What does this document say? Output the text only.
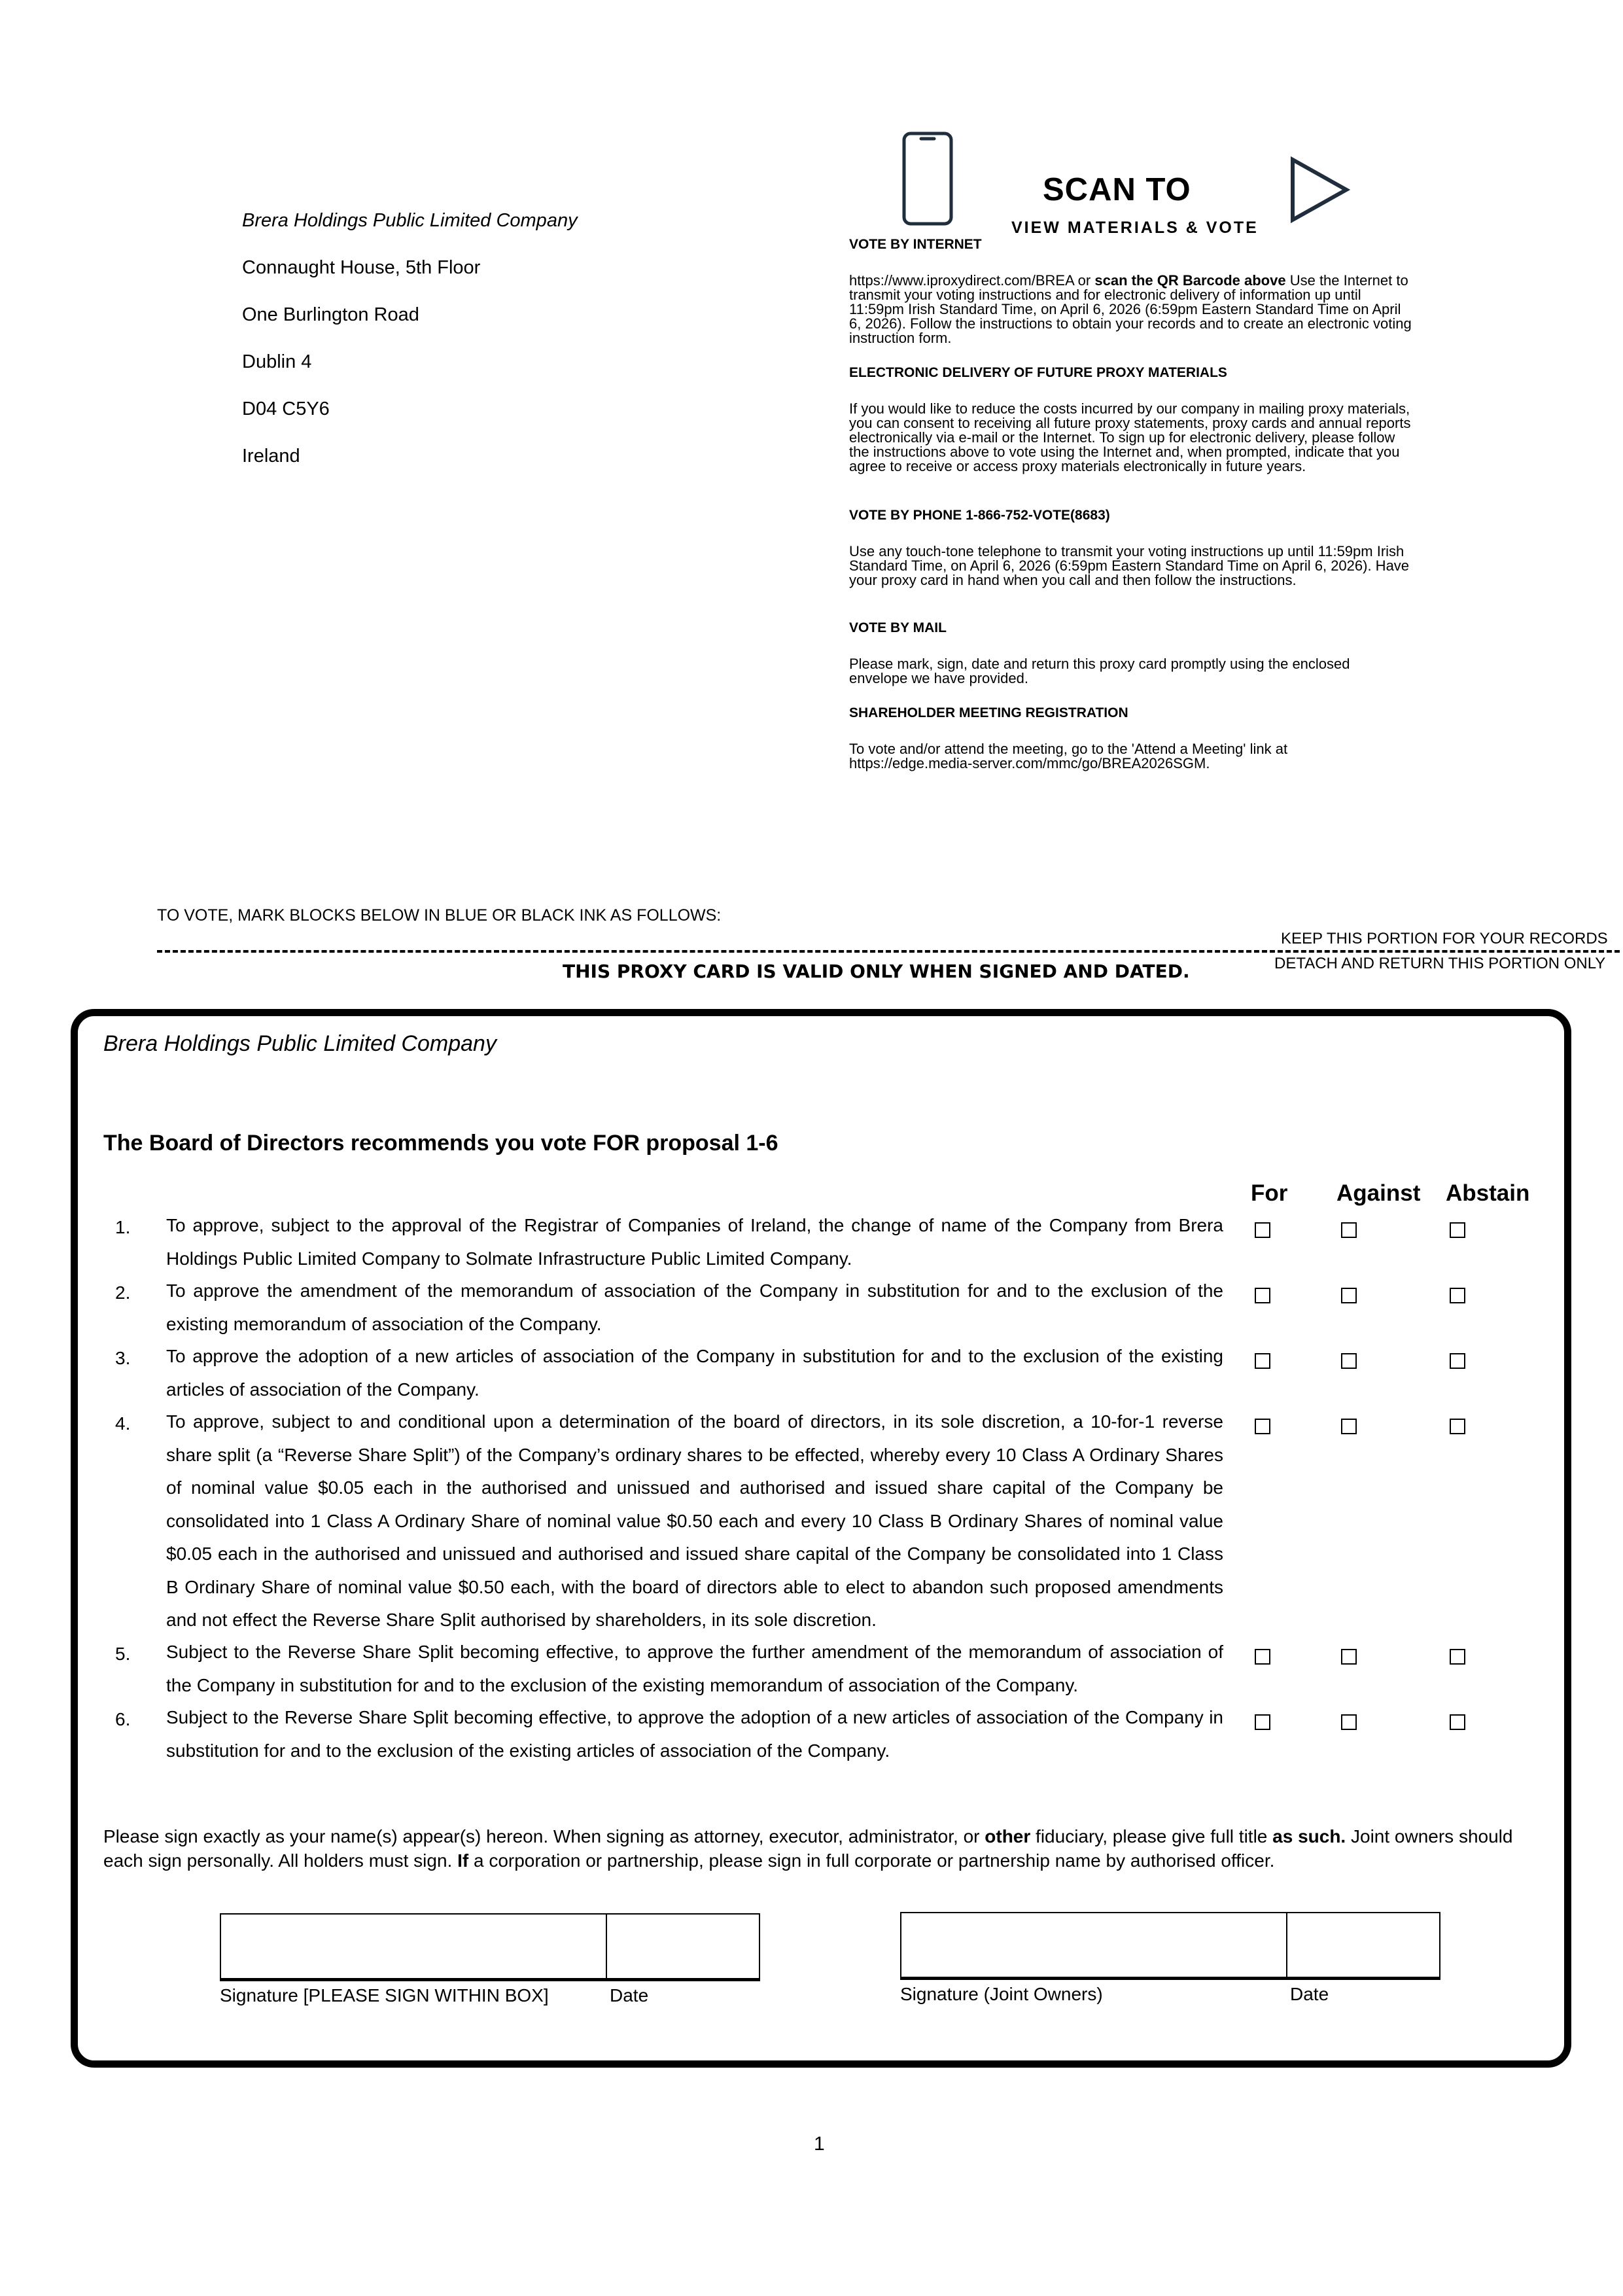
Brera Holdings Public Limited Company
Connaught House, 5th Floor
One Burlington Road
Dublin 4
D04 C5Y6
Ireland
SCAN TO
VIEW MATERIALS & VOTE
VOTE BY INTERNET
https://www.iproxydirect.com/BREA or scan the QR Barcode above Use the Internet to transmit your voting instructions and for electronic delivery of information up until 11:59pm Irish Standard Time, on April 6, 2026 (6:59pm Eastern Standard Time on April 6, 2026). Follow the instructions to obtain your records and to create an electronic voting instruction form.
ELECTRONIC DELIVERY OF FUTURE PROXY MATERIALS
If you would like to reduce the costs incurred by our company in mailing proxy materials, you can consent to receiving all future proxy statements, proxy cards and annual reports electronically via e-mail or the Internet. To sign up for electronic delivery, please follow the instructions above to vote using the Internet and, when prompted, indicate that you agree to receive or access proxy materials electronically in future years.
VOTE BY PHONE 1-866-752-VOTE(8683)
Use any touch-tone telephone to transmit your voting instructions up until 11:59pm Irish Standard Time, on April 6, 2026 (6:59pm Eastern Standard Time on April 6, 2026). Have your proxy card in hand when you call and then follow the instructions.
VOTE BY MAIL
Please mark, sign, date and return this proxy card promptly using the enclosed envelope we have provided.
SHAREHOLDER MEETING REGISTRATION
To vote and/or attend the meeting, go to the 'Attend a Meeting' link at https://edge.media-server.com/mmc/go/BREA2026SGM.
TO VOTE, MARK BLOCKS BELOW IN BLUE OR BLACK INK AS FOLLOWS:
KEEP THIS PORTION FOR YOUR RECORDS
DETACH AND RETURN THIS PORTION ONLY
THIS PROXY CARD IS VALID ONLY WHEN SIGNED AND DATED.
Brera Holdings Public Limited Company
The Board of Directors recommends you vote FOR proposal 1-6
For Against Abstain
1. To approve, subject to the approval of the Registrar of Companies of Ireland, the change of name of the Company from Brera Holdings Public Limited Company to Solmate Infrastructure Public Limited Company.
2. To approve the amendment of the memorandum of association of the Company in substitution for and to the exclusion of the existing memorandum of association of the Company.
3. To approve the adoption of a new articles of association of the Company in substitution for and to the exclusion of the existing articles of association of the Company.
4. To approve, subject to and conditional upon a determination of the board of directors, in its sole discretion, a 10-for-1 reverse share split (a “Reverse Share Split”) of the Company’s ordinary shares to be effected, whereby every 10 Class A Ordinary Shares of nominal value $0.05 each in the authorised and unissued and authorised and issued share capital of the Company be consolidated into 1 Class A Ordinary Share of nominal value $0.50 each and every 10 Class B Ordinary Shares of nominal value $0.05 each in the authorised and unissued and authorised and issued share capital of the Company be consolidated into 1 Class B Ordinary Share of nominal value $0.50 each, with the board of directors able to elect to abandon such proposed amendments and not effect the Reverse Share Split authorised by shareholders, in its sole discretion.
5. Subject to the Reverse Share Split becoming effective, to approve the further amendment of the memorandum of association of the Company in substitution for and to the exclusion of the existing memorandum of association of the Company.
6. Subject to the Reverse Share Split becoming effective, to approve the adoption of a new articles of association of the Company in substitution for and to the exclusion of the existing articles of association of the Company.
Please sign exactly as your name(s) appear(s) hereon. When signing as attorney, executor, administrator, or other fiduciary, please give full title as such. Joint owners should each sign personally. All holders must sign. If a corporation or partnership, please sign in full corporate or partnership name by authorised officer.
Signature [PLEASE SIGN WITHIN BOX]	Date	Signature (Joint Owners)	Date
1
